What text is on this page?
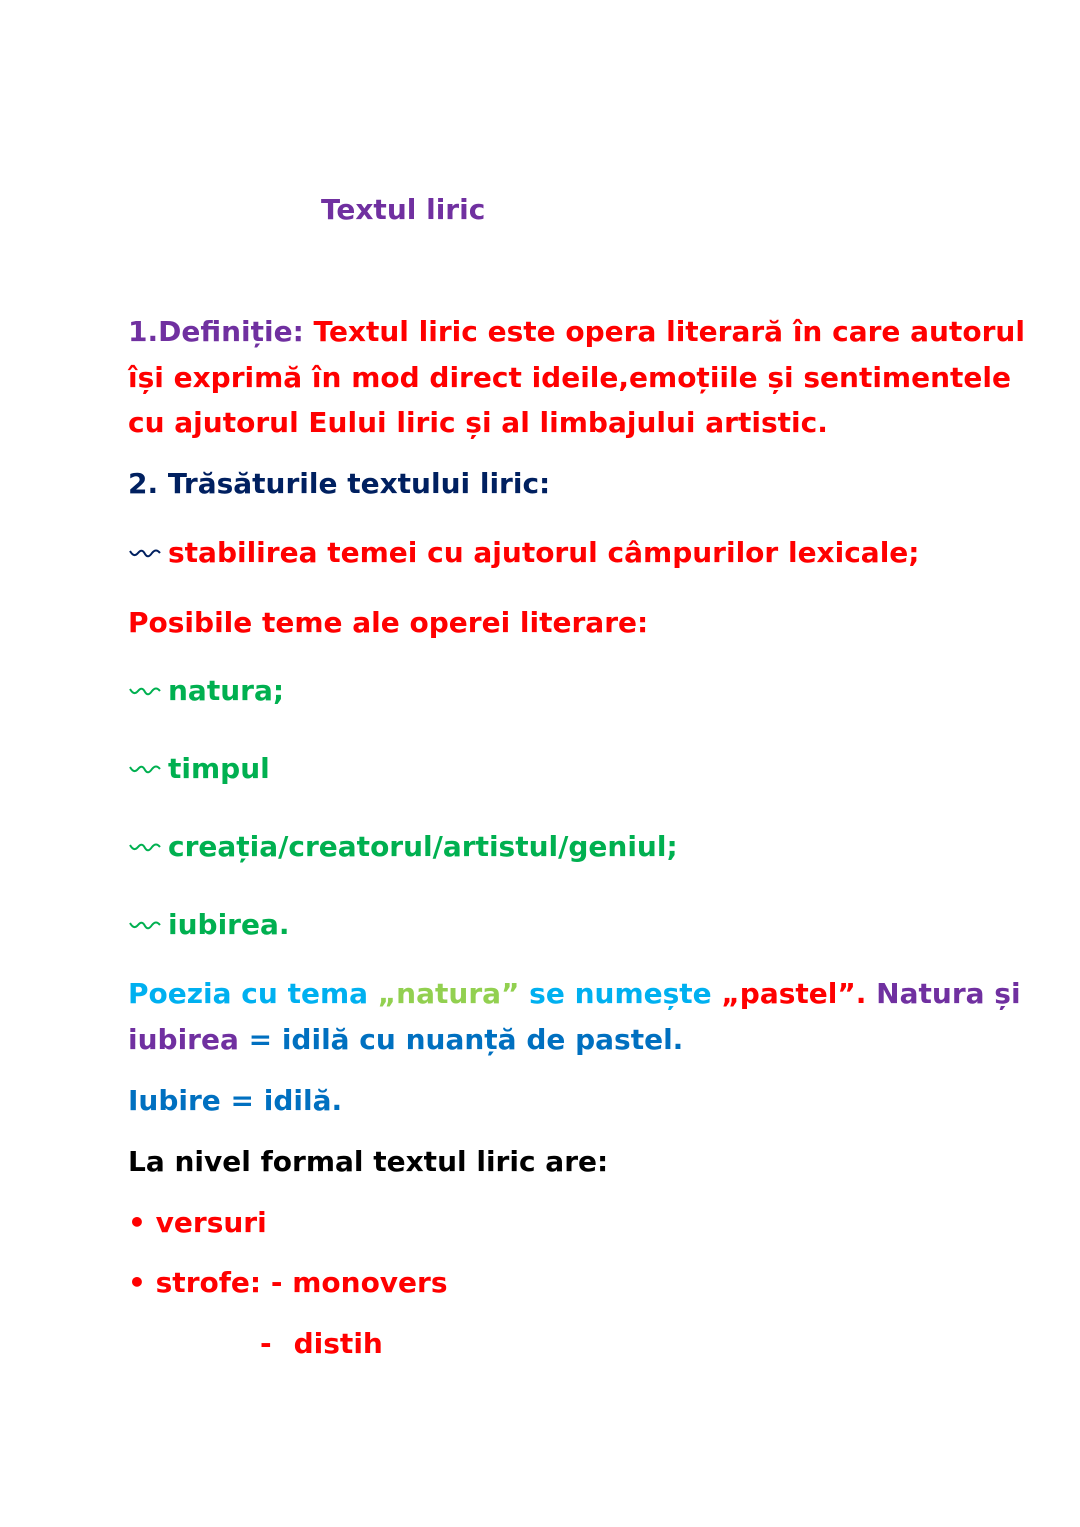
Textul liric
1.Definiție: Textul liric este opera literară în care autorul
își exprimă în mod direct ideile,emoțiile și sentimentele
cu ajutorul Eului liric și al limbajului artistic.
2. Trăsăturile textului liric:
stabilirea temei cu ajutorul câmpurilor lexicale;
Posibile teme ale operei literare:
natura;
timpul
creația/creatorul/artistul/geniul;
iubirea.
Poezia cu tema „natura” se numește „pastel”. Natura și
iubirea = idilă cu nuanță de pastel.
Iubire = idilă.
La nivel formal textul liric are:
• versuri
• strofe: - monovers
- distih
